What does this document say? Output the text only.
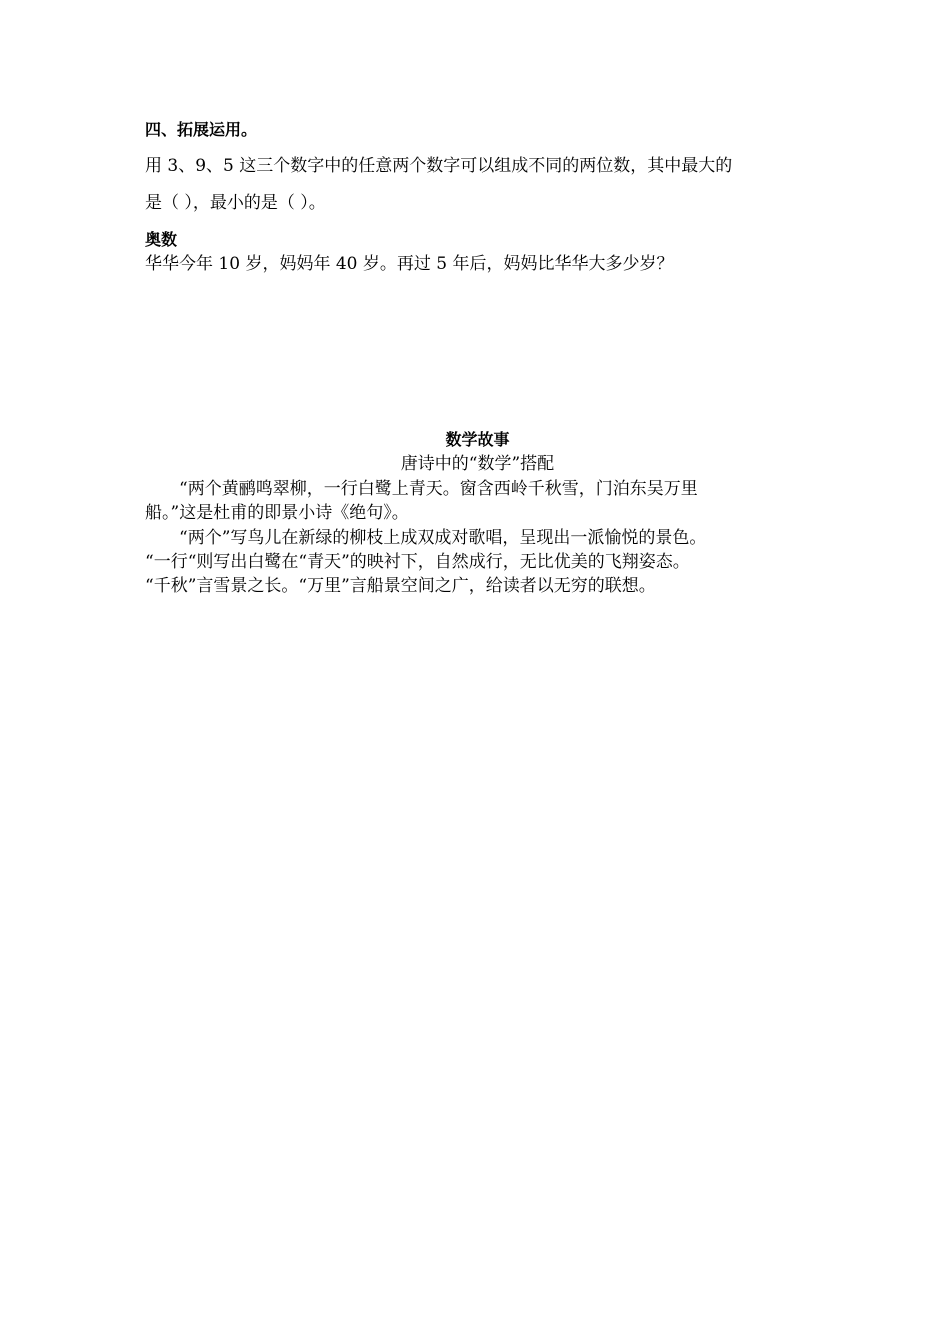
四、拓展运用。
用 3、9、5 这三个数字中的任意两个数字可以组成不同的两位数，其中最大的
是（ ），最小的是（ ）。
奥数
华华今年 10 岁，妈妈年 40 岁。再过 5 年后，妈妈比华华大多少岁？
数学故事
唐诗中的“数学”搭配
“两个黄鹂鸣翠柳，一行白鹭上青天。窗含西岭千秋雪，门泊东吴万里
船。”这是杜甫的即景小诗《绝句》。
“两个”写鸟儿在新绿的柳枝上成双成对歌唱，呈现出一派愉悦的景色。
“一行“则写出白鹭在“青天”的映衬下，自然成行，无比优美的飞翔姿态。
“千秋”言雪景之长。“万里”言船景空间之广，给读者以无穷的联想。
